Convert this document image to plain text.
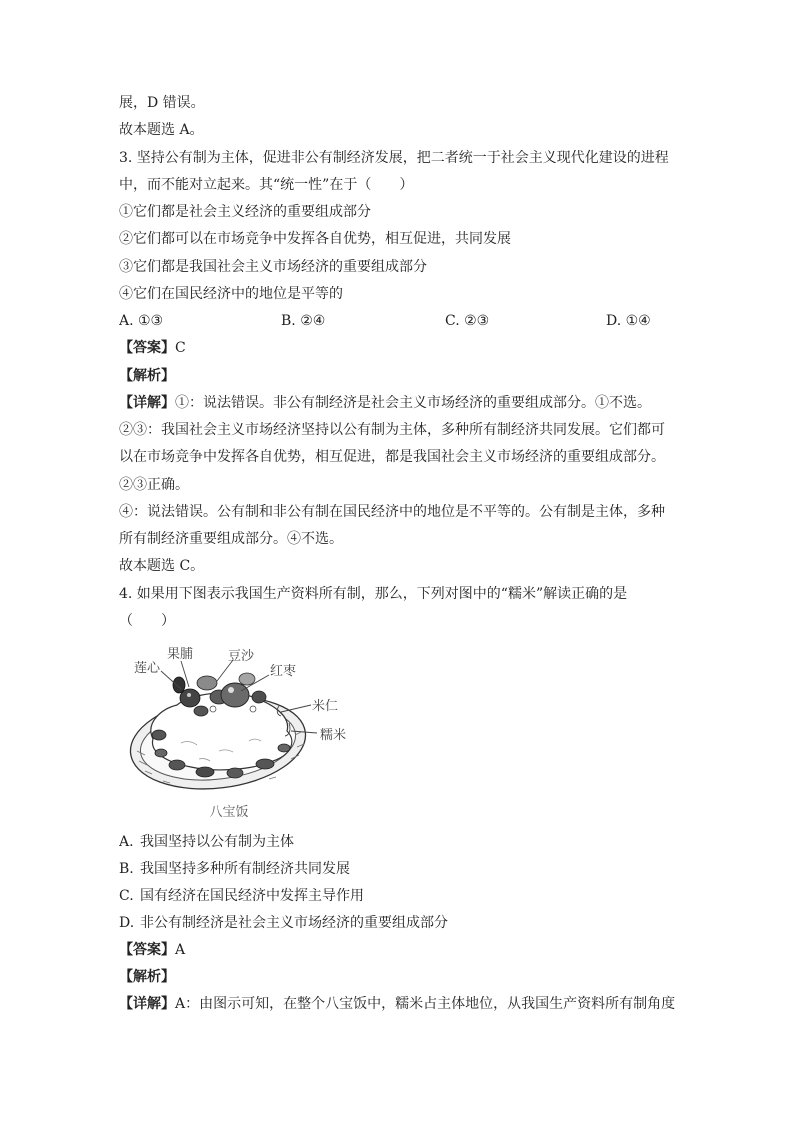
展，D 错误。
故本题选 A。
3. 坚持公有制为主体，促进非公有制经济发展，把二者统一于社会主义现代化建设的进程
中，而不能对立起来。其“统一性”在于（　　）
①它们都是社会主义经济的重要组成部分
②它们都可以在市场竞争中发挥各自优势，相互促进，共同发展
③它们都是我国社会主义市场经济的重要组成部分
④它们在国民经济中的地位是平等的
A. ①③	B. ②④	C. ②③	D. ①④
【答案】C
【解析】
【详解】①：说法错误。非公有制经济是社会主义市场经济的重要组成部分。①不选。
②③：我国社会主义市场经济坚持以公有制为主体，多种所有制经济共同发展。它们都可
以在市场竞争中发挥各自优势，相互促进，都是我国社会主义市场经济的重要组成部分。
②③正确。
④：说法错误。公有制和非公有制在国民经济中的地位是不平等的。公有制是主体，多种
所有制经济重要组成部分。④不选。
故本题选 C。
4. 如果用下图表示我国生产资料所有制，那么，下列对图中的“糯米”解读正确的是
（　　）
莲心
果脯	豆沙
红枣
米仁
糯米
八宝饭
A. 我国坚持以公有制为主体
B. 我国坚持多种所有制经济共同发展
C. 国有经济在国民经济中发挥主导作用
D. 非公有制经济是社会主义市场经济的重要组成部分
【答案】A
【解析】
【详解】A：由图示可知，在整个八宝饭中，糯米占主体地位，从我国生产资料所有制角度
